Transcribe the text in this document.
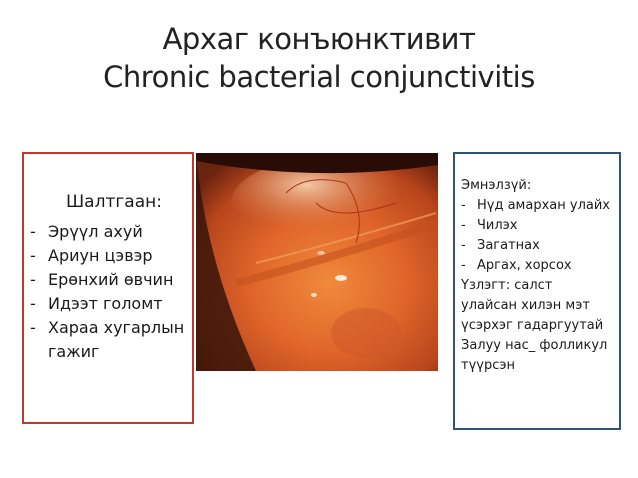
Архаг конъюнктивит
Chronic bacterial conjunctivitis
Шалтгаан:
- Эрүүл ахуй
- Ариун цэвэр
- Ерөнхий өвчин
- Идээт голомт
- Хараа хугарлын гажиг
Эмнэлзүй:
- Нүд амархан улайх
- Чилэх
- Загатнах
- Аргах, хорсох
Үзлэгт: салст
улайсан хилэн мэт
үсэрхэг гадаргуутай
Залуу нас_ фолликул
түүрсэн
